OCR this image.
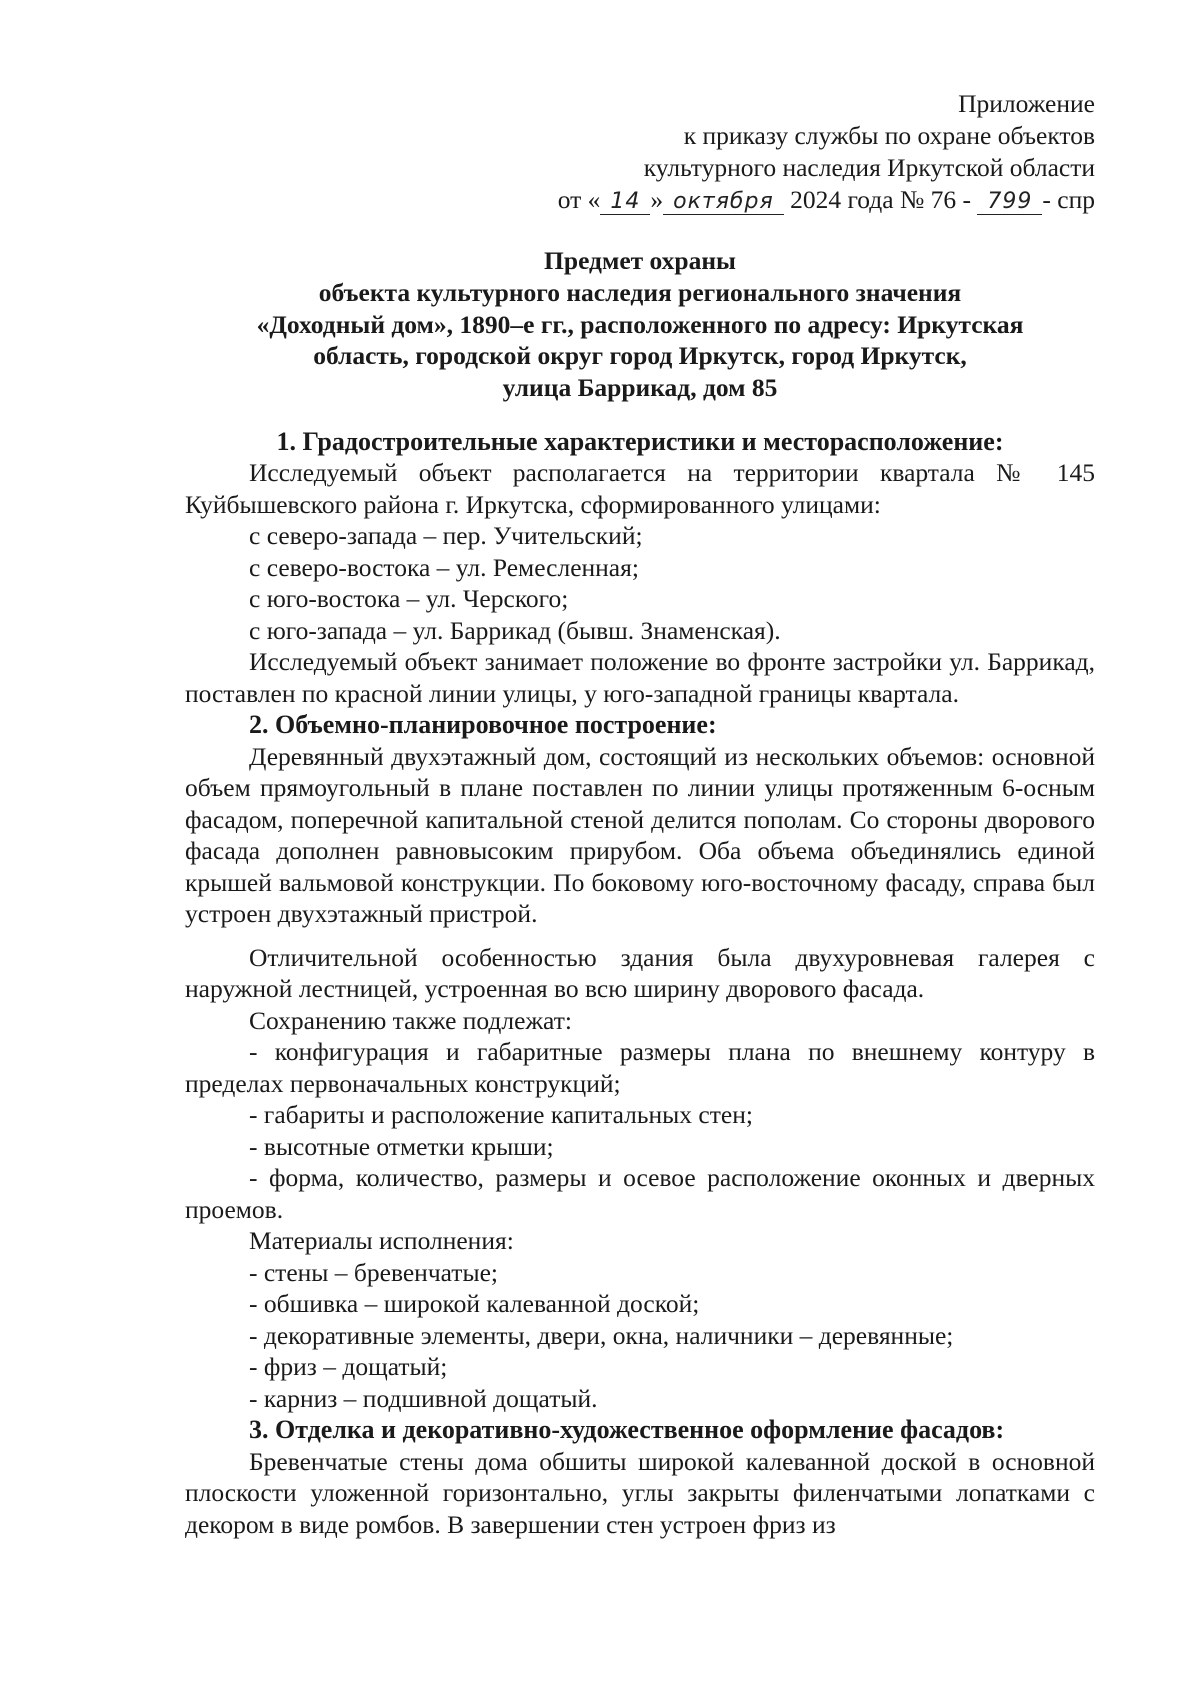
Приложение
к приказу службы по охране объектов
культурного наследия Иркутской области
от « 14 » октября 2024 года № 76 - 799 - спр
Предмет охраны
объекта культурного наследия регионального значения
«Доходный дом», 1890–е гг., расположенного по адресу: Иркутская
область, городской округ город Иркутск, город Иркутск,
улица Баррикад, дом 85
1. Градостроительные характеристики и месторасположение:

Исследуемый объект располагается на территории квартала № 145 Куйбышевского района г. Иркутска, сформированного улицами:

с северо-запада – пер. Учительский;

с северо-востока – ул. Ремесленная;

с юго-востока – ул. Черского;

с юго-запада – ул. Баррикад (бывш. Знаменская).

Исследуемый объект занимает положение во фронте застройки ул. Баррикад, поставлен по красной линии улицы, у юго-западной границы квартала.

2. Объемно-планировочное построение:

Деревянный двухэтажный дом, состоящий из нескольких объемов: основной объем прямоугольный в плане поставлен по линии улицы протяженным 6-осным фасадом, поперечной капитальной стеной делится пополам. Со стороны дворового фасада дополнен равновысоким прирубом. Оба объема объединялись единой крышей вальмовой конструкции. По боковому юго-восточному фасаду, справа был устроен двухэтажный пристрой.

Отличительной особенностью здания была двухуровневая галерея с наружной лестницей, устроенная во всю ширину дворового фасада.

Сохранению также подлежат:

- конфигурация и габаритные размеры плана по внешнему контуру в пределах первоначальных конструкций;

- габариты и расположение капитальных стен;

- высотные отметки крыши;

- форма, количество, размеры и осевое расположение оконных и дверных проемов.

Материалы исполнения:

- стены – бревенчатые;

- обшивка – широкой калеванной доской;

- декоративные элементы, двери, окна, наличники – деревянные;

- фриз – дощатый;

- карниз – подшивной дощатый.

3. Отделка и декоративно-художественное оформление фасадов:

Бревенчатые стены дома обшиты широкой калеванной доской в основной плоскости уложенной горизонтально, углы закрыты филенчатыми лопатками с декором в виде ромбов. В завершении стен устроен фриз из
